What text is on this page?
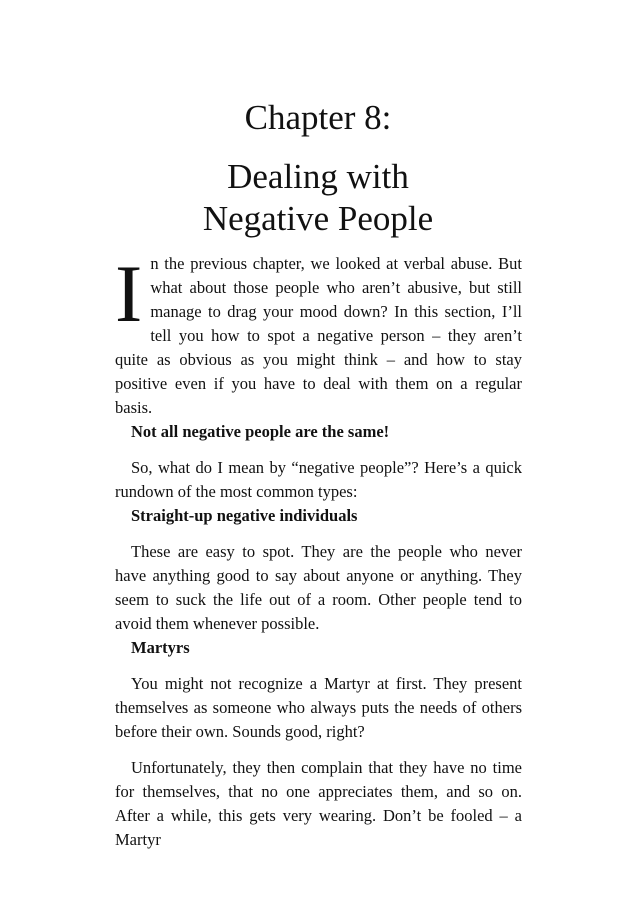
Chapter 8:
Dealing with
Negative People

In the previous chapter, we looked at verbal abuse. But what about those people who aren’t abusive, but still manage to drag your mood down? In this section, I’ll tell you how to spot a negative person – they aren’t quite as obvious as you might think – and how to stay positive even if you have to deal with them on a regular basis.

Not all negative people are the same!

So, what do I mean by “negative people”? Here’s a quick rundown of the most common types:

Straight-up negative individuals

These are easy to spot. They are the people who never have anything good to say about anyone or anything. They seem to suck the life out of a room. Other people tend to avoid them whenever possible.

Martyrs

You might not recognize a Martyr at first. They present themselves as someone who always puts the needs of others before their own. Sounds good, right?

Unfortunately, they then complain that they have no time for themselves, that no one appreciates them, and so on. After a while, this gets very wearing. Don’t be fooled – a Martyr
